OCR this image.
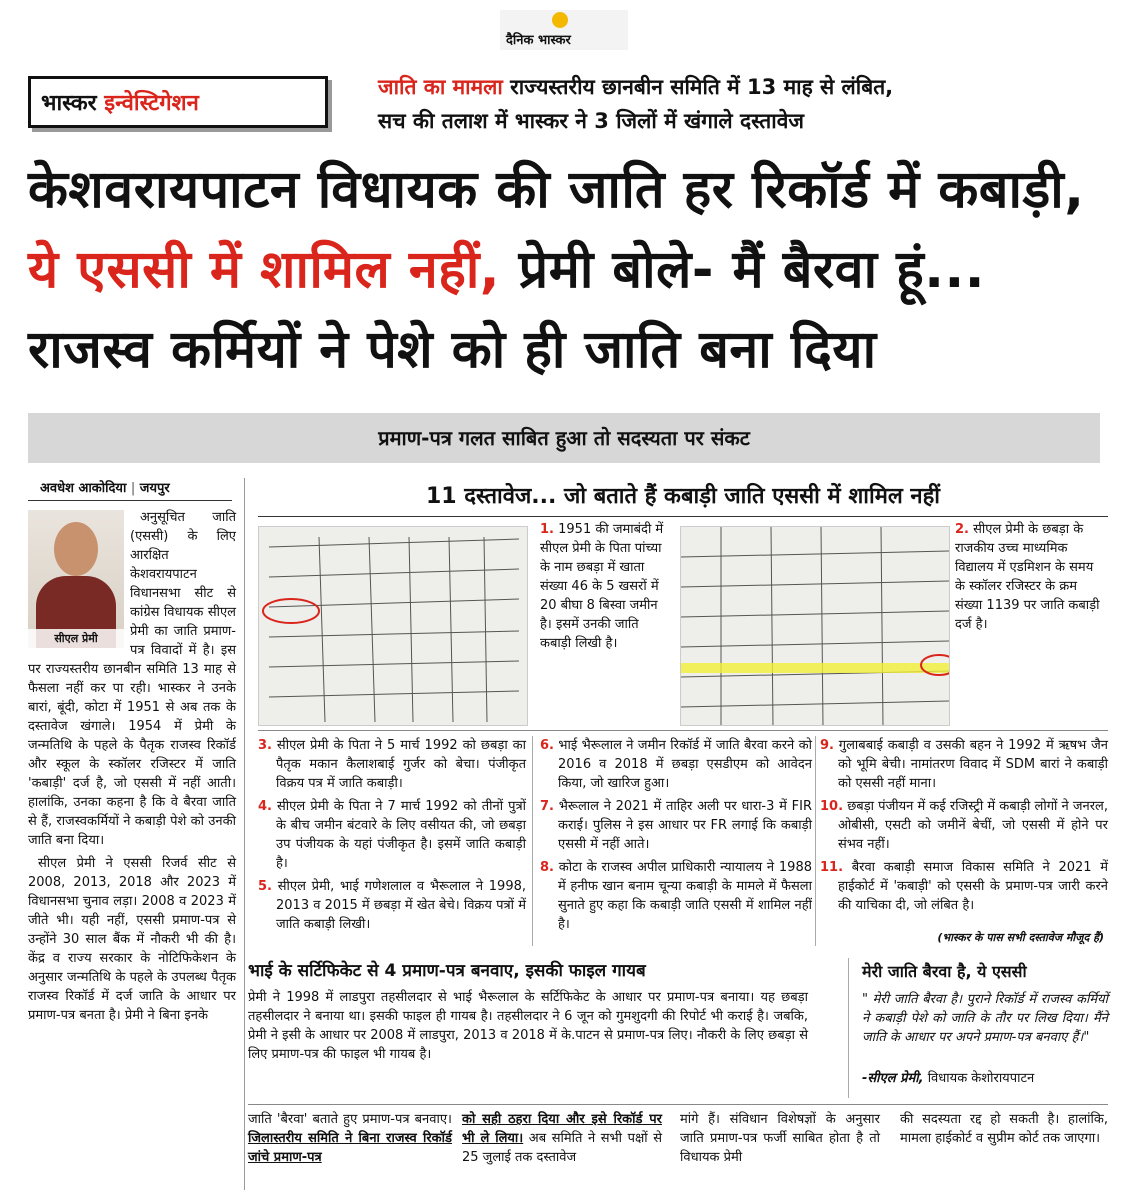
दैनिक भास्कर
भास्कर इन्वेस्टिगेशन
जाति का मामला राज्यस्तरीय छानबीन समिति में 13 माह से लंबित,
सच की तलाश में भास्कर ने 3 जिलों में खंगाले दस्तावेज
केशवरायपाटन विधायक की जाति हर रिकॉर्ड में कबाड़ी, ये एससी में शामिल नहीं, प्रेमी बोले- मैं बैरवा हूं... राजस्व कर्मियों ने पेशे को ही जाति बना दिया
प्रमाण-पत्र गलत साबित हुआ तो सदस्यता पर संकट
अवधेश आकोदिया | जयपुर
सीएल प्रेमी

अनुसूचित जाति (एससी) के लिए आरक्षित केशवरायपाटन विधानसभा सीट से कांग्रेस विधायक सीएल प्रेमी का जाति प्रमाण-पत्र विवादों में है। इस पर राज्यस्तरीय छानबीन समिति 13 माह से फैसला नहीं कर पा रही। भास्कर ने उनके बारां, बूंदी, कोटा में 1951 से अब तक के दस्तावेज खंगाले। 1954 में प्रेमी के जन्मतिथि के पहले के पैतृक राजस्व रिकॉर्ड और स्कूल के स्कॉलर रजिस्टर में जाति 'कबाड़ी' दर्ज है, जो एससी में नहीं आती। हालांकि, उनका कहना है कि वे बैरवा जाति से हैं, राजस्वकर्मियों ने कबाड़ी पेशे को उनकी जाति बना दिया।

सीएल प्रेमी ने एससी रिजर्व सीट से 2008, 2013, 2018 और 2023 में विधानसभा चुनाव लड़ा। 2008 व 2023 में जीते भी। यही नहीं, एससी प्रमाण-पत्र से उन्होंने 30 साल बैंक में नौकरी भी की है। केंद्र व राज्य सरकार के नोटिफिकेशन के अनुसार जन्मतिथि के पहले के उपलब्ध पैतृक राजस्व रिकॉर्ड में दर्ज जाति के आधार पर प्रमाण-पत्र बनता है। प्रेमी ने बिना इनके

11 दस्तावेज... जो बताते हैं कबाड़ी जाति एससी में शामिल नहीं
1. 1951 की जमाबंदी में सीएल प्रेमी के पिता पांच्या के नाम छबड़ा में खाता संख्या 46 के 5 खसरों में 20 बीघा 8 बिस्वा जमीन है। इसमें उनकी जाति कबाड़ी लिखी है।
2. सीएल प्रेमी के छबड़ा के राजकीय उच्च माध्यमिक विद्यालय में एडमिशन के समय के स्कॉलर रजिस्टर के क्रम संख्या 1139 पर जाति कबाड़ी दर्ज है।
3. सीएल प्रेमी के पिता ने 5 मार्च 1992 को छबड़ा का पैतृक मकान कैलाशबाई गुर्जर को बेचा। पंजीकृत विक्रय पत्र में जाति कबाड़ी।
4. सीएल प्रेमी के पिता ने 7 मार्च 1992 को तीनों पुत्रों के बीच जमीन बंटवारे के लिए वसीयत की, जो छबड़ा उप पंजीयक के यहां पंजीकृत है। इसमें जाति कबाड़ी है।
5. सीएल प्रेमी, भाई गणेशलाल व भैरूलाल ने 1998, 2013 व 2015 में छबड़ा में खेत बेचे। विक्रय पत्रों में जाति कबाड़ी लिखी।
6. भाई भैरूलाल ने जमीन रिकॉर्ड में जाति बैरवा करने को 2016 व 2018 में छबड़ा एसडीएम को आवेदन किया, जो खारिज हुआ।
7. भैरूलाल ने 2021 में ताहिर अली पर धारा-3 में FIR कराई। पुलिस ने इस आधार पर FR लगाई कि कबाड़ी एससी में नहीं आते।
8. कोटा के राजस्व अपील प्राधिकारी न्यायालय ने 1988 में हनीफ खान बनाम चून्या कबाड़ी के मामले में फैसला सुनाते हुए कहा कि कबाड़ी जाति एससी में शामिल नहीं है।
9. गुलाबबाई कबाड़ी व उसकी बहन ने 1992 में ऋषभ जैन को भूमि बेची। नामांतरण विवाद में SDM बारां ने कबाड़ी को एससी नहीं माना।
10. छबड़ा पंजीयन में कई रजिस्ट्री में कबाड़ी लोगों ने जनरल, ओबीसी, एसटी को जमीनें बेचीं, जो एससी में होने पर संभव नहीं।
11. बैरवा कबाड़ी समाज विकास समिति ने 2021 में हाईकोर्ट में 'कबाड़ी' को एससी के प्रमाण-पत्र जारी करने की याचिका दी, जो लंबित है।
(भास्कर के पास सभी दस्तावेज मौजूद हैं)
भाई के सर्टिफिकेट से 4 प्रमाण-पत्र बनवाए, इसकी फाइल गायब
प्रेमी ने 1998 में लाडपुरा तहसीलदार से भाई भैरूलाल के सर्टिफिकेट के आधार पर प्रमाण-पत्र बनाया। यह छबड़ा तहसीलदार ने बनाया था। इसकी फाइल ही गायब है। तहसीलदार ने 6 जून को गुमशुदगी की रिपोर्ट भी कराई है। जबकि, प्रेमी ने इसी के आधार पर 2008 में लाडपुरा, 2013 व 2018 में के.पाटन से प्रमाण-पत्र लिए। नौकरी के लिए छबड़ा से लिए प्रमाण-पत्र की फाइल भी गायब है।
मेरी जाति बैरवा है, ये एससी
" मेरी जाति बैरवा है। पुराने रिकॉर्ड में राजस्व कर्मियों ने कबाड़ी पेशे को जाति के तौर पर लिख दिया। मैंने जाति के आधार पर अपने प्रमाण-पत्र बनवाए हैं।"
-सीएल प्रेमी, विधायक केशोरायपाटन
जाति 'बैरवा' बताते हुए प्रमाण-पत्र बनवाए। जिलास्तरीय समिति ने बिना राजस्व रिकॉर्ड जांचे प्रमाण-पत्र
को सही ठहरा दिया और इसे रिकॉर्ड पर भी ले लिया। अब समिति ने सभी पक्षों से 25 जुलाई तक दस्तावेज
मांगे हैं। संविधान विशेषज्ञों के अनुसार जाति प्रमाण-पत्र फर्जी साबित होता है तो विधायक प्रेमी
की सदस्यता रद्द हो सकती है। हालांकि, मामला हाईकोर्ट व सुप्रीम कोर्ट तक जाएगा।
